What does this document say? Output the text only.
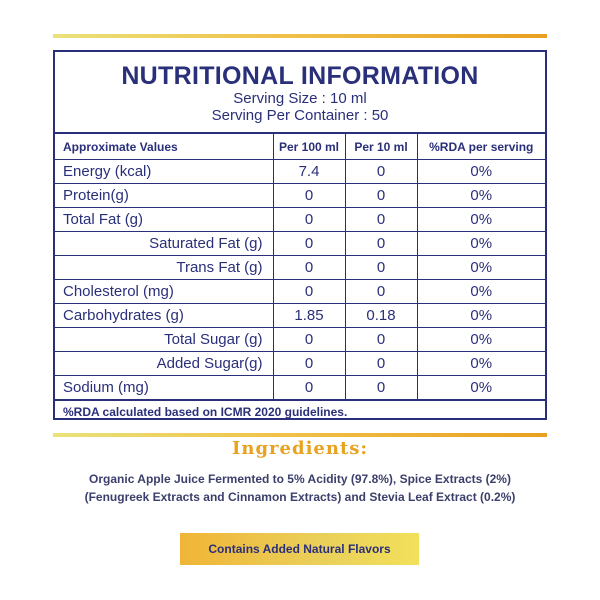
NUTRITIONAL INFORMATION
Serving Size : 10 ml
Serving Per Container : 50
Approximate Values	Per 100 ml	Per 10 ml	%RDA per serving
Energy (kcal)	7.4	0	0%
Protein(g)	0	0	0%
Total Fat (g)	0	0	0%
Saturated Fat (g)	0	0	0%
Trans Fat (g)	0	0	0%
Cholesterol (mg)	0	0	0%
Carbohydrates (g)	1.85	0.18	0%
Total Sugar (g)	0	0	0%
Added Sugar(g)	0	0	0%
Sodium (mg)	0	0	0%
%RDA calculated based on ICMR 2020 guidelines.
Ingredients:
Organic Apple Juice Fermented to 5% Acidity (97.8%), Spice Extracts (2%)
(Fenugreek Extracts and Cinnamon Extracts) and Stevia Leaf Extract (0.2%)
Contains Added Natural Flavors
